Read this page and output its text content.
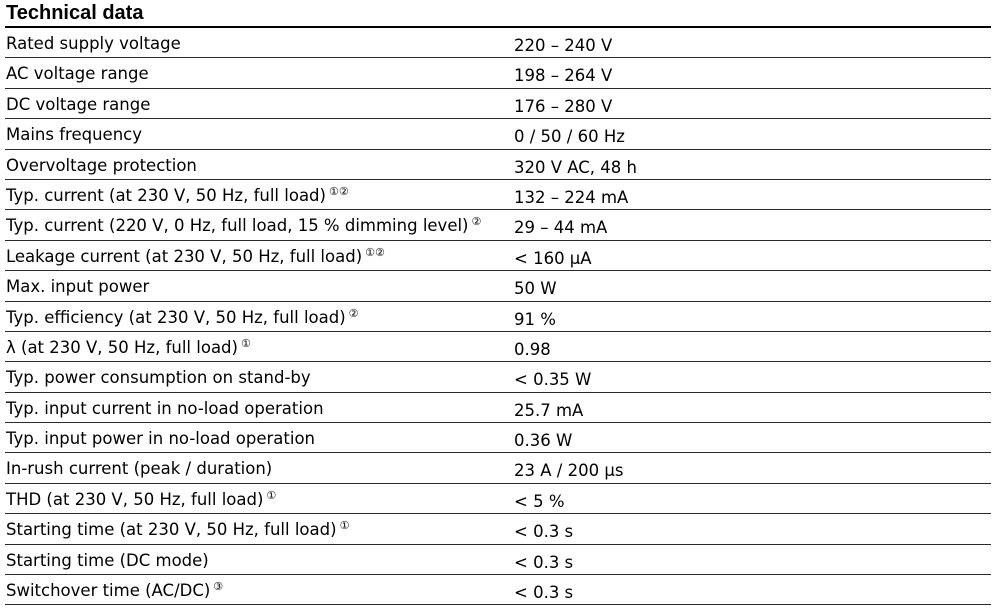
Technical data
Rated supply voltage	220 – 240 V
AC voltage range	198 – 264 V
DC voltage range	176 – 280 V
Mains frequency	0 / 50 / 60 Hz
Overvoltage protection	320 V AC, 48 h
Typ. current (at 230 V, 50 Hz, full load) ①②	132 – 224 mA
Typ. current (220 V, 0 Hz, full load, 15 % dimming level) ② 29 – 44 mA
Leakage current (at 230 V, 50 Hz, full load) ①②	< 160 µA
Max. input power	50 W
Typ. efficiency (at 230 V, 50 Hz, full load) ②	91 %
λ (at 230 V, 50 Hz, full load) ①	0.98
Typ. power consumption on stand-by	< 0.35 W
Typ. input current in no-load operation	25.7 mA
Typ. input power in no-load operation	0.36 W
In-rush current (peak / duration)	23 A / 200 µs
THD (at 230 V, 50 Hz, full load) ①	< 5 %
Starting time (at 230 V, 50 Hz, full load) ①	< 0.3 s
Starting time (DC mode)	< 0.3 s
Switchover time (AC/DC) ③	< 0.3 s
